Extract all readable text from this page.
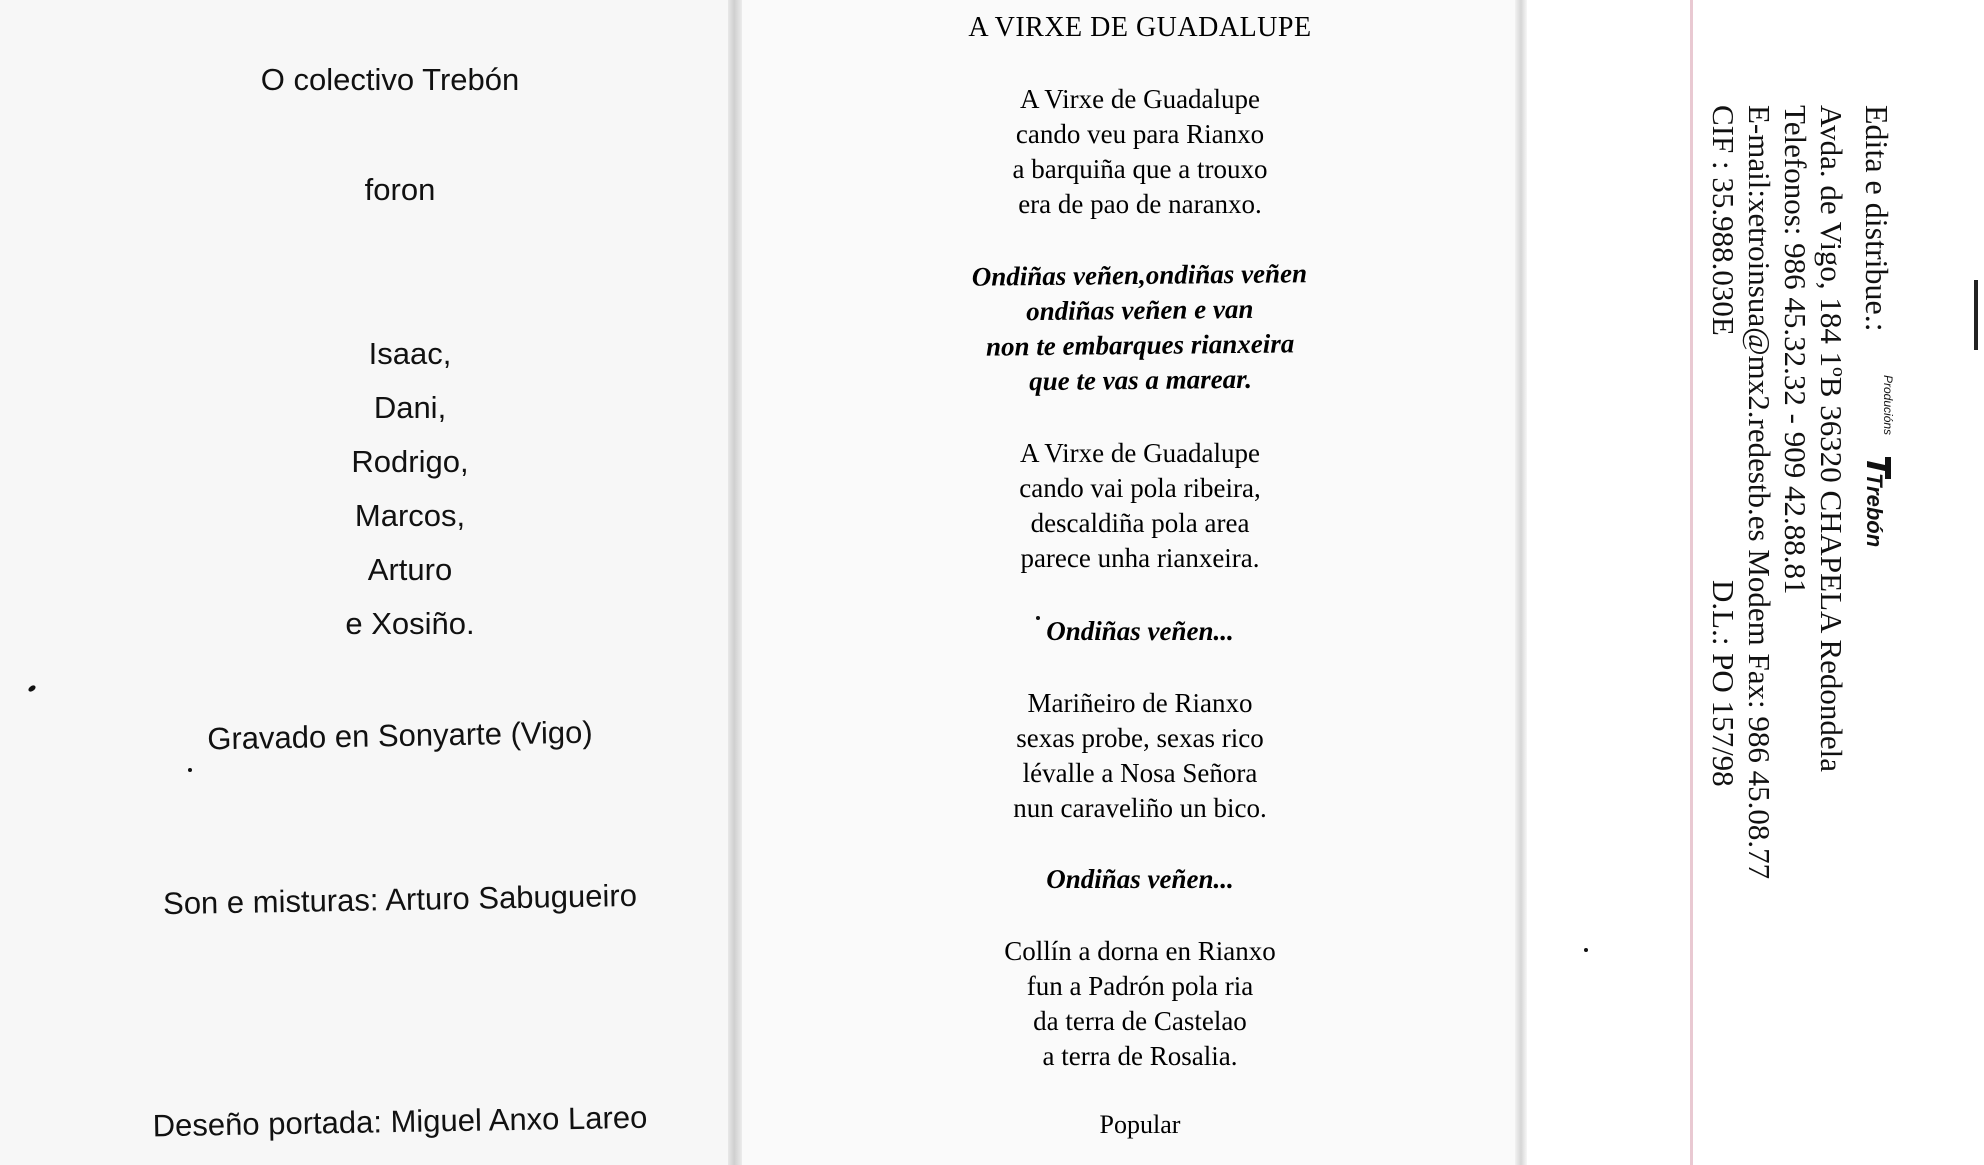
O colectivo Trebón
foron
Isaac,
Dani,
Rodrigo,
Marcos,
Arturo
e Xosiño.
Gravado en Sonyarte (Vigo)
Son e misturas: Arturo Sabugueiro
Deseño portada: Miguel Anxo Lareo
A VIRXE DE GUADALUPE
A Virxe de Guadalupe
cando veu para Rianxo
a barquiña que a trouxo
era de pao de naranxo.
Ondiñas veñen,ondiñas veñen
ondiñas veñen e van
non te embarques rianxeira
que te vas a marear.
A Virxe de Guadalupe
cando vai pola ribeira,
descaldiña pola area
parece unha rianxeira.
Ondiñas veñen...
Mariñeiro de Rianxo
sexas probe, sexas rico
lévalle a Nosa Señora
nun caraveliño un bico.
Ondiñas veñen...
Collín a dorna en Rianxo
fun a Padrón pola ria
da terra de Castelao
a terra de Rosalia.
Popular
Edita e distribue.:
Producións
Trebón
Avda. de Vigo, 184 1ºB 36320 CHAPELA Redondela
Telefonos: 986 45.32.32 - 909 42.88.81
E-mail:xetroinsua@mx2.redestb.es Modem Fax: 986 45.08.77
CIF : 35.988.030E
D.L.: PO 157/98
